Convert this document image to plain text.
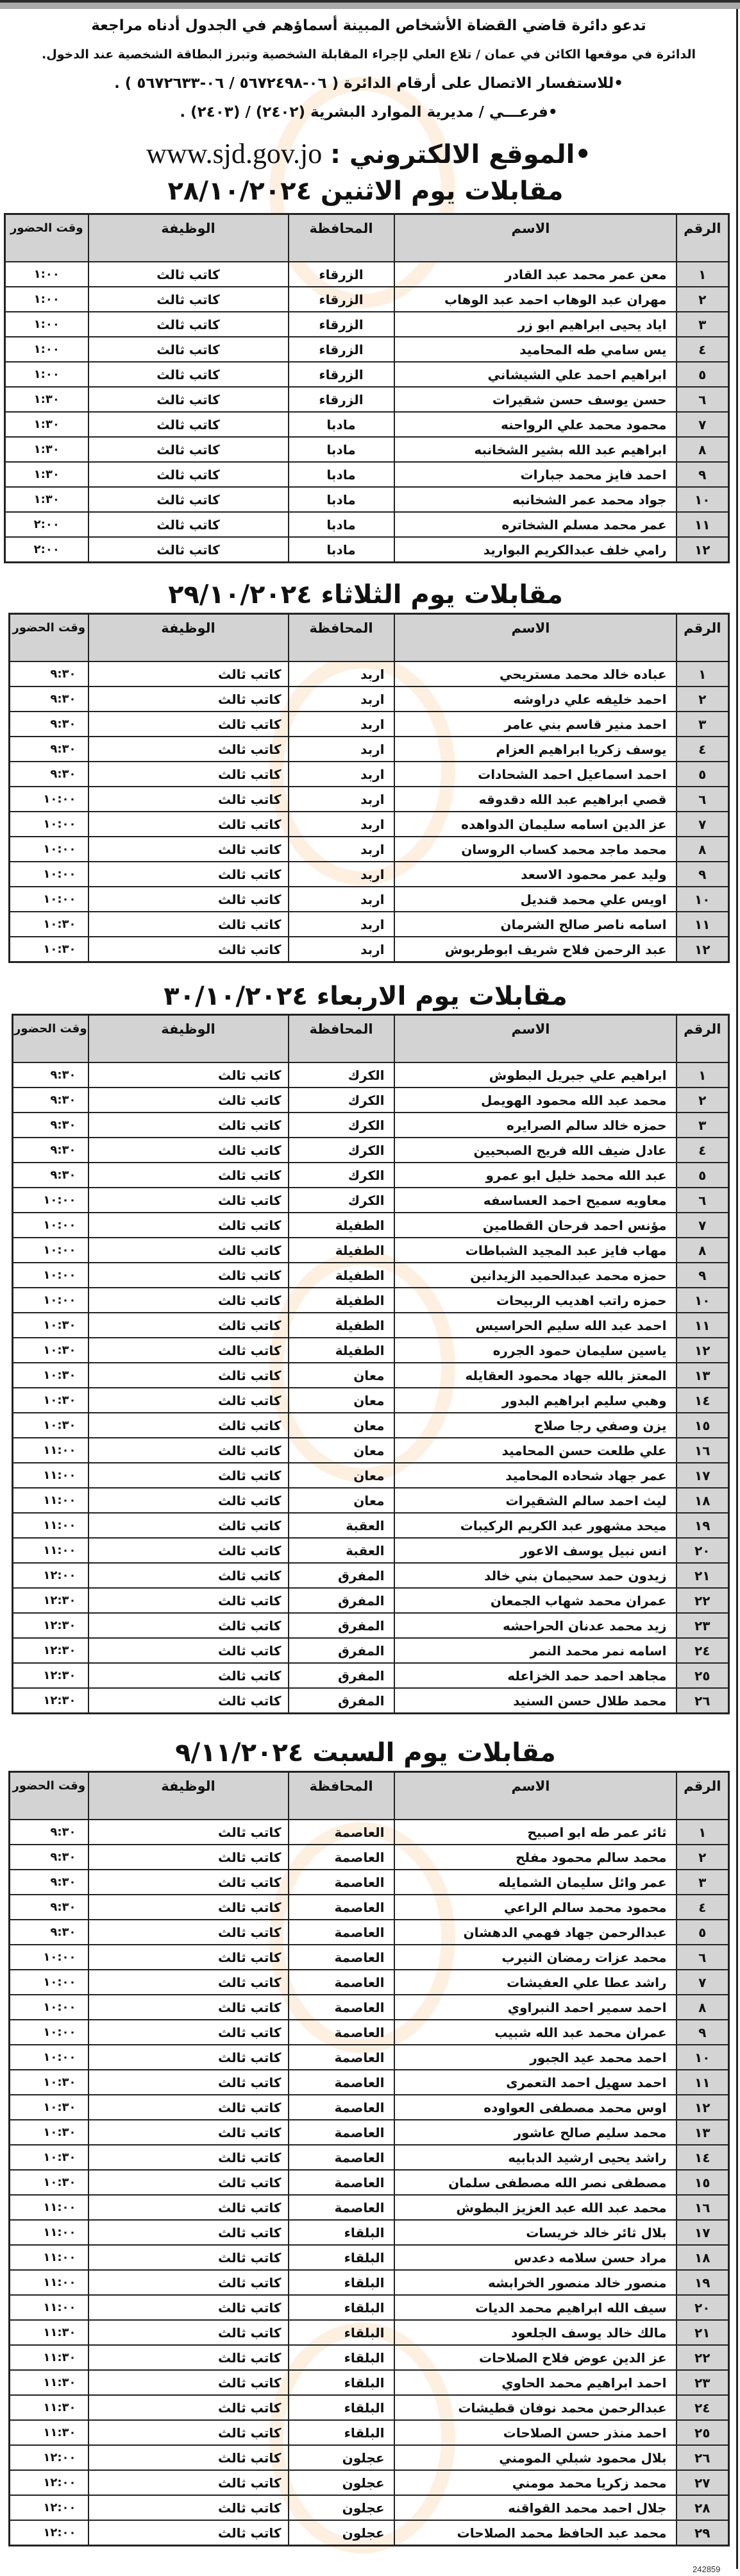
تدعو دائرة قاضي القضاة الأشخاص المبينة أسماؤهم في الجدول أدناه مراجعة
الدائرة في موقعها الكائن في عمان / تلاع العلي لإجراء المقابلة الشخصية وتبرز البطاقة الشخصية عند الدخول.
•للاستفسار الاتصال على أرقام الدائرة ( ٠٦-٥٦٧٢٤٩٨ / ٠٦-٥٦٧٢٦٣٣ ) .
•فرعـــي / مديرية الموارد البشرية (٢٤٠٢) / (٢٤٠٣) .
•الموقع الالكتروني : www.sjd.gov.jo
مقابلات يوم الاثنين ٢٨/١٠/٢٠٢٤
الرقم	الاسم	المحافظة	الوظيفة	وقت الحضور
١	معن عمر محمد عبد القادر	الزرقاء	كاتب ثالث	١:٠٠
٢	مهران عبد الوهاب احمد عبد الوهاب	الزرقاء	كاتب ثالث	١:٠٠
٣	اياد يحيى ابراهيم ابو زر	الزرقاء	كاتب ثالث	١:٠٠
٤	يس سامي طه المحاميد	الزرقاء	كاتب ثالث	١:٠٠
٥	ابراهيم احمد علي الشيشاني	الزرقاء	كاتب ثالث	١:٠٠
٦	حسن يوسف حسن شقيرات	الزرقاء	كاتب ثالث	١:٣٠
٧	محمود محمد علي الرواحنه	مادبا	كاتب ثالث	١:٣٠
٨	ابراهيم عبد الله بشير الشخانبه	مادبا	كاتب ثالث	١:٣٠
٩	احمد فايز محمد جبارات	مادبا	كاتب ثالث	١:٣٠
١٠	جواد محمد عمر الشخانبه	مادبا	كاتب ثالث	١:٣٠
١١	عمر محمد مسلم الشخاتره	مادبا	كاتب ثالث	٢:٠٠
١٢	رامي خلف عبدالكريم البواريد	مادبا	كاتب ثالث	٢:٠٠
مقابلات يوم الثلاثاء ٢٩/١٠/٢٠٢٤
الرقم	الاسم	المحافظة	الوظيفة	وقت الحضور
١	عباده خالد محمد مستريحي	اربد	كاتب ثالث	٩:٣٠
٢	احمد خليفه علي دراوشه	اربد	كاتب ثالث	٩:٣٠
٣	احمد منير قاسم بني عامر	اربد	كاتب ثالث	٩:٣٠
٤	يوسف زكريا ابراهيم العزام	اربد	كاتب ثالث	٩:٣٠
٥	احمد اسماعيل احمد الشحادات	اربد	كاتب ثالث	٩:٣٠
٦	قصي ابراهيم عبد الله دقدوقه	اربد	كاتب ثالث	١٠:٠٠
٧	عز الدين اسامه سليمان الدواهده	اربد	كاتب ثالث	١٠:٠٠
٨	محمد ماجد محمد كساب الروسان	اربد	كاتب ثالث	١٠:٠٠
٩	وليد عمر محمود الاسعد	اربد	كاتب ثالث	١٠:٠٠
١٠	اويس علي محمد قنديل	اربد	كاتب ثالث	١٠:٠٠
١١	اسامه ناصر صالح الشرمان	اربد	كاتب ثالث	١٠:٣٠
١٢	عبد الرحمن فلاح شريف ابوطربوش	اربد	كاتب ثالث	١٠:٣٠
مقابلات يوم الاربعاء ٣٠/١٠/٢٠٢٤
الرقم	الاسم	المحافظة	الوظيفة	وقت الحضور
١	ابراهيم علي جبريل البطوش	الكرك	كاتب ثالث	٩:٣٠
٢	محمد عبد الله محمود الهويمل	الكرك	كاتب ثالث	٩:٣٠
٣	حمزه خالد سالم الصرايره	الكرك	كاتب ثالث	٩:٣٠
٤	عادل ضيف الله فريج الصبحيين	الكرك	كاتب ثالث	٩:٣٠
٥	عبد الله محمد خليل ابو عمرو	الكرك	كاتب ثالث	٩:٣٠
٦	معاويه سميح احمد العساسفه	الكرك	كاتب ثالث	١٠:٠٠
٧	مؤنس احمد فرحان القطامين	الطفيلة	كاتب ثالث	١٠:٠٠
٨	مهاب فايز عبد المجيد الشباطات	الطفيلة	كاتب ثالث	١٠:٠٠
٩	حمزه محمد عبدالحميد الزيدانين	الطفيلة	كاتب ثالث	١٠:٠٠
١٠	حمزه راتب اهديب الربيحات	الطفيلة	كاتب ثالث	١٠:٠٠
١١	احمد عبد الله سليم الحراسيس	الطفيلة	كاتب ثالث	١٠:٣٠
١٢	ياسين سليمان حمود الجرره	الطفيلة	كاتب ثالث	١٠:٣٠
١٣	المعتز بالله جهاد محمود العقايله	معان	كاتب ثالث	١٠:٣٠
١٤	وهبي سليم ابراهيم البدور	معان	كاتب ثالث	١٠:٣٠
١٥	يزن وصفي رجا صلاح	معان	كاتب ثالث	١٠:٣٠
١٦	علي طلعت حسن المحاميد	معان	كاتب ثالث	١١:٠٠
١٧	عمر جهاد شحاده المحاميد	معان	كاتب ثالث	١١:٠٠
١٨	ليث احمد سالم الشقيرات	معان	كاتب ثالث	١١:٠٠
١٩	ميحد مشهور عبد الكريم الركيبات	العقبة	كاتب ثالث	١١:٠٠
٢٠	انس نبيل يوسف الاعور	العقبة	كاتب ثالث	١١:٠٠
٢١	زيدون حمد سحيمان بني خالد	المفرق	كاتب ثالث	١٢:٠٠
٢٢	عمران محمد شهاب الجمعان	المفرق	كاتب ثالث	١٢:٣٠
٢٣	زيد محمد عدنان الحراحشه	المفرق	كاتب ثالث	١٢:٣٠
٢٤	اسامه نمر محمد النمر	المفرق	كاتب ثالث	١٢:٣٠
٢٥	مجاهد احمد حمد الخزاعله	المفرق	كاتب ثالث	١٢:٣٠
٢٦	محمد طلال حسن السنيد	المفرق	كاتب ثالث	١٢:٣٠
مقابلات يوم السبت ٩/١١/٢٠٢٤
الرقم	الاسم	المحافظة	الوظيفة	وقت الحضور
١	ثائر عمر طه ابو اصبيح	العاصمة	كاتب ثالث	٩:٣٠
٢	محمد سالم محمود مفلح	العاصمة	كاتب ثالث	٩:٣٠
٣	عمر وائل سليمان الشمايله	العاصمة	كاتب ثالث	٩:٣٠
٤	محمود محمد سالم الراعي	العاصمة	كاتب ثالث	٩:٣٠
٥	عبدالرحمن جهاد فهمي الدهشان	العاصمة	كاتب ثالث	٩:٣٠
٦	محمد عزات رمضان النيرب	العاصمة	كاتب ثالث	١٠:٠٠
٧	راشد عطا علي العفيشات	العاصمة	كاتب ثالث	١٠:٠٠
٨	احمد سمير احمد النبراوي	العاصمة	كاتب ثالث	١٠:٠٠
٩	عمران محمد عبد الله شبيب	العاصمة	كاتب ثالث	١٠:٠٠
١٠	احمد محمد عيد الجبور	العاصمة	كاتب ثالث	١٠:٠٠
١١	احمد سهيل احمد التعمرى	العاصمة	كاتب ثالث	١٠:٣٠
١٢	اوس محمد مصطفى العواوده	العاصمة	كاتب ثالث	١٠:٣٠
١٣	محمد سليم صالح عاشور	العاصمة	كاتب ثالث	١٠:٣٠
١٤	راشد يحيى ارشيد الدبابيه	العاصمة	كاتب ثالث	١٠:٣٠
١٥	مصطفى نصر الله مصطفى سلمان	العاصمة	كاتب ثالث	١٠:٣٠
١٦	محمد عبد الله عبد العزيز البطوش	العاصمة	كاتب ثالث	١١:٠٠
١٧	بلال ثائر خالد خريسات	البلقاء	كاتب ثالث	١١:٠٠
١٨	مراد حسن سلامه دعدس	البلقاء	كاتب ثالث	١١:٠٠
١٩	منصور خالد منصور الخرابشه	البلقاء	كاتب ثالث	١١:٠٠
٢٠	سيف الله ابراهيم محمد الديات	البلقاء	كاتب ثالث	١١:٠٠
٢١	مالك خالد يوسف الجلعود	البلقاء	كاتب ثالث	١١:٣٠
٢٢	عز الدين عوض فلاح الصلاحات	البلقاء	كاتب ثالث	١١:٣٠
٢٣	احمد ابراهيم محمد الحاوي	البلقاء	كاتب ثالث	١١:٣٠
٢٤	عبدالرحمن محمد نوفان قطيشات	البلقاء	كاتب ثالث	١١:٣٠
٢٥	احمد منذر حسن الصلاحات	البلقاء	كاتب ثالث	١١:٣٠
٢٦	بلال محمود شبلي المومني	عجلون	كاتب ثالث	١٢:٠٠
٢٧	محمد زكريا محمد مومني	عجلون	كاتب ثالث	١٢:٠٠
٢٨	جلال احمد محمد القواقنه	عجلون	كاتب ثالث	١٢:٠٠
٢٩	محمد عبد الحافظ محمد الصلاحات	عجلون	كاتب ثالث	١٢:٠٠
242859
